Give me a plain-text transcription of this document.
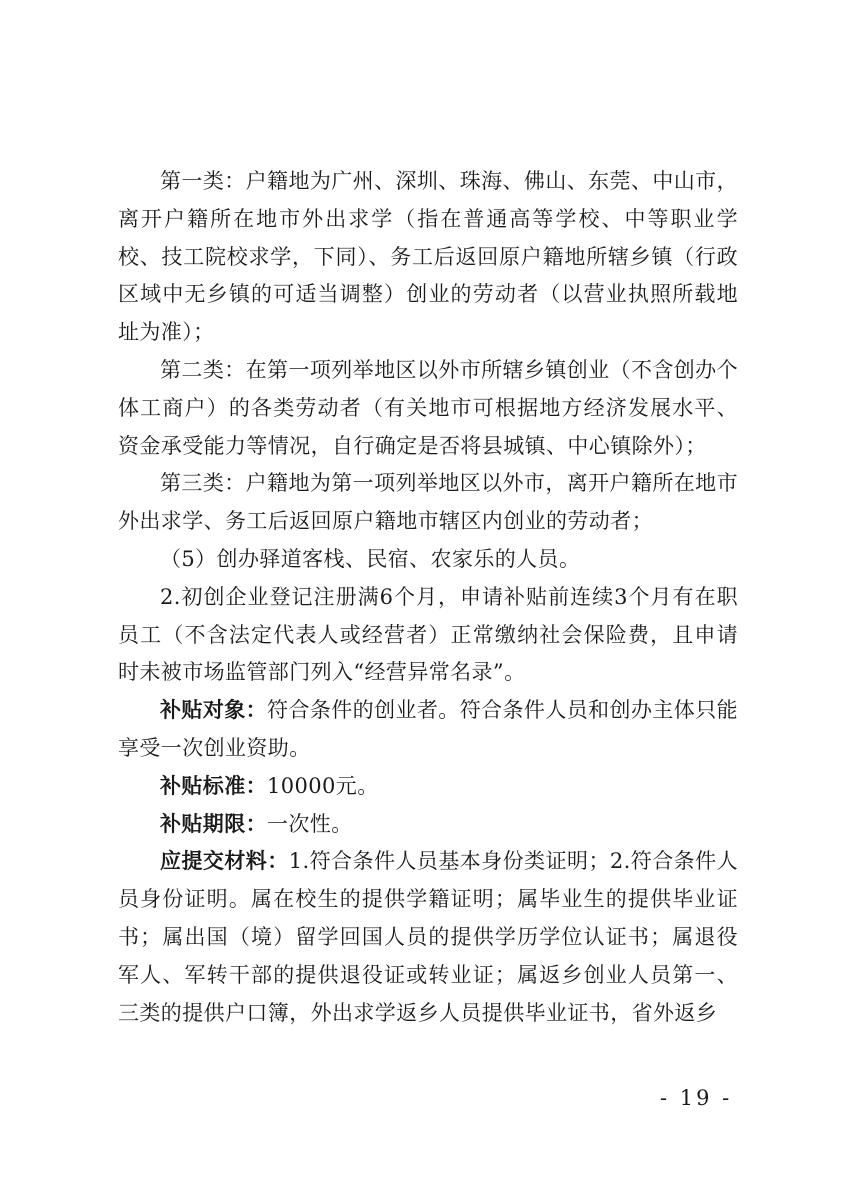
第一类：户籍地为广州、深圳、珠海、佛山、东莞、中山市，离开户籍所在地市外出求学（指在普通高等学校、中等职业学校、技工院校求学，下同）、务工后返回原户籍地所辖乡镇（行政区域中无乡镇的可适当调整）创业的劳动者（以营业执照所载地址为准）；

第二类：在第一项列举地区以外市所辖乡镇创业（不含创办个体工商户）的各类劳动者（有关地市可根据地方经济发展水平、资金承受能力等情况，自行确定是否将县城镇、中心镇除外）；

第三类：户籍地为第一项列举地区以外市，离开户籍所在地市外出求学、务工后返回原户籍地市辖区内创业的劳动者；

（5）创办驿道客栈、民宿、农家乐的人员。

2.初创企业登记注册满6个月，申请补贴前连续3个月有在职员工（不含法定代表人或经营者）正常缴纳社会保险费，且申请时未被市场监管部门列入“经营异常名录”。

补贴对象：符合条件的创业者。符合条件人员和创办主体只能享受一次创业资助。

补贴标准：10000元。

补贴期限：一次性。

应提交材料：1.符合条件人员基本身份类证明；2.符合条件人员身份证明。属在校生的提供学籍证明；属毕业生的提供毕业证书；属出国（境）留学回国人员的提供学历学位认证书；属退役军人、军转干部的提供退役证或转业证；属返乡创业人员第一、三类的提供户口簿，外出求学返乡人员提供毕业证书，省外返乡

- 19 -
